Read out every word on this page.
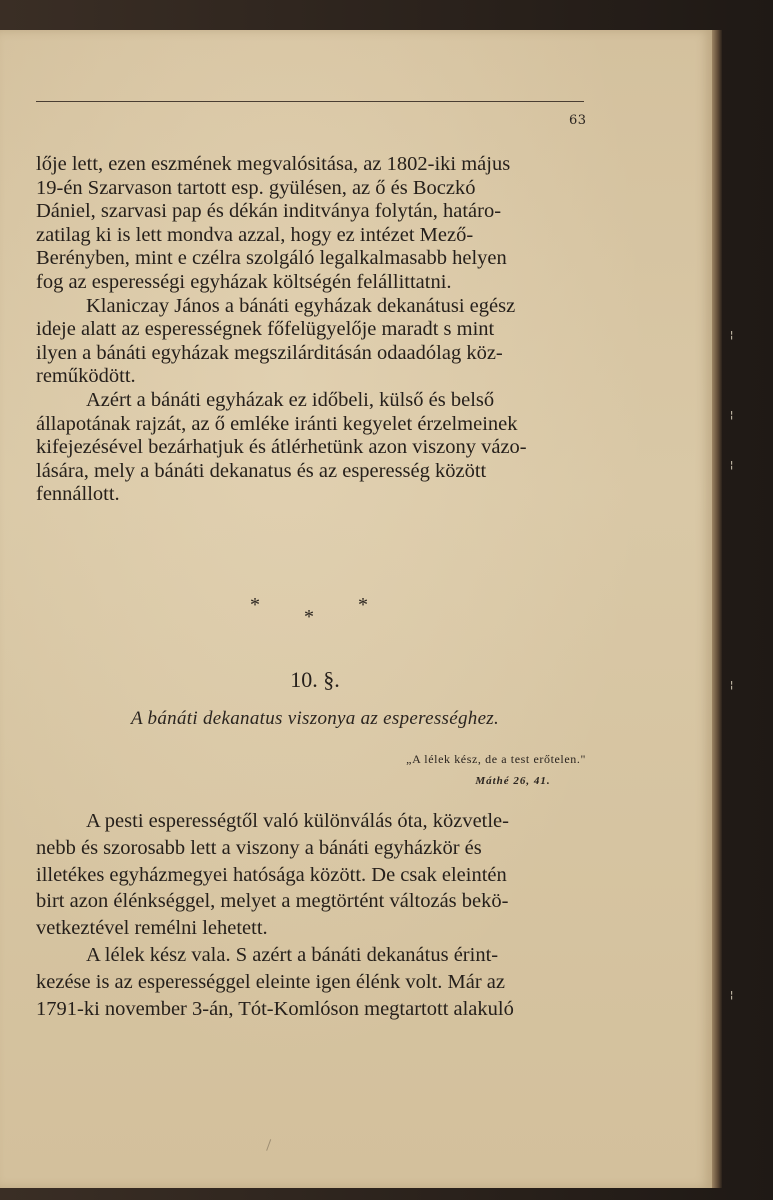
63

lője lett, ezen eszmének megvalósitása, az 1802-iki május
19-én Szarvason tartott esp. gyülésen, az ő és Boczkó
Dániel, szarvasi pap és dékán inditványa folytán, határo-
zatilag ki is lett mondva azzal, hogy ez intézet Mező-
Berényben, mint e czélra szolgáló legalkalmasabb helyen
fog az esperességi egyházak költségén felállittatni.

Klaniczay János a bánáti egyházak dekanátusi egész
ideje alatt az esperességnek főfelügyelője maradt s mint
ilyen a bánáti egyházak megszilárditásán odaadólag köz-
reműködött.

Azért a bánáti egyházak ez időbeli, külső és belső
állapotának rajzát, az ő emléke iránti kegyelet érzelmeinek
kifejezésével bezárhatjuk és átlérhetünk azon viszony vázo-
lására, mely a bánáti dekanatus és az esperesség között
fennállott.

*	*
*
10. §.
A bánáti dekanatus viszonya az esperességhez.
„A lélek kész, de a test erőtelen."
Máthé 26, 41.

A pesti esperességtől való különválás óta, közvetle-
nebb és szorosabb lett a viszony a bánáti egyházkör és
illetékes egyházmegyei hatósága között. De csak eleintén
birt azon élénkséggel, melyet a megtörtént változás bekö-
vetkeztével remélni lehetett.

A lélek kész vala. S azért a bánáti dekanátus érint-
kezése is az esperességgel eleinte igen élénk volt. Már az
1791-ki november 3-án, Tót-Komlóson megtartott alakuló

¦
¦
¦
¦
¦
